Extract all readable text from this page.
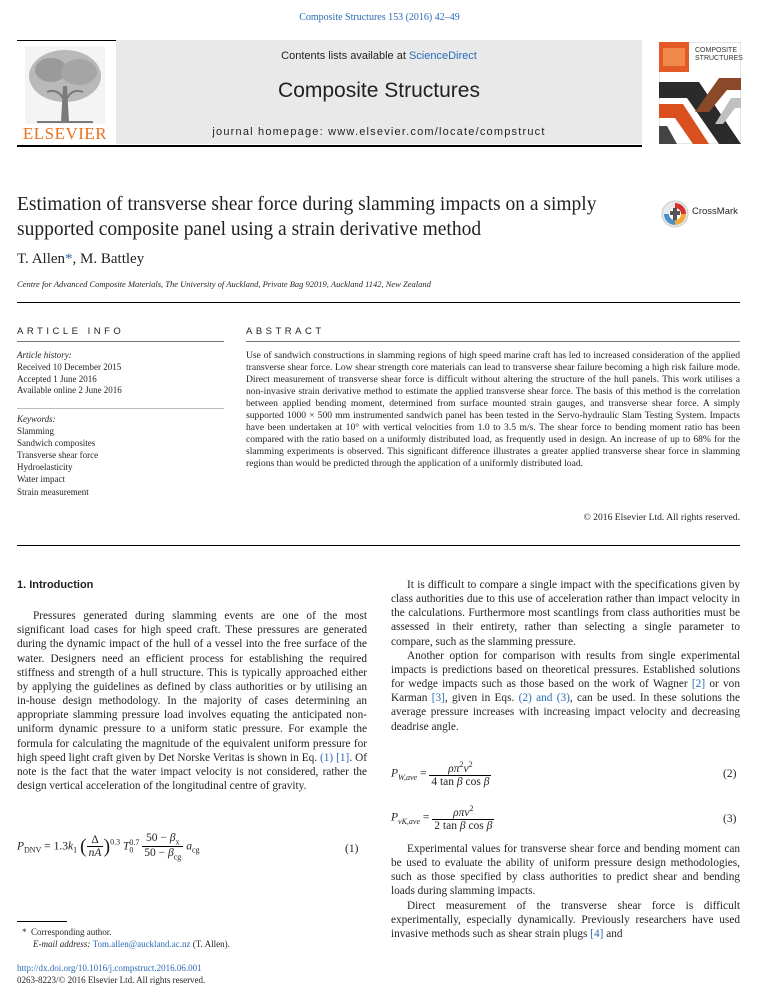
Composite Structures 153 (2016) 42–49
Contents lists available at ScienceDirect
Composite Structures
journal homepage: www.elsevier.com/locate/compstruct
ELSEVIER
COMPOSITE
STRUCTURES
Estimation of transverse shear force during slamming impacts on a simply supported composite panel using a strain derivative method
CrossMark
T. Allen*, M. Battley
Centre for Advanced Composite Materials, The University of Auckland, Private Bag 92019, Auckland 1142, New Zealand
ARTICLE INFO
Article history:
Received 10 December 2015
Accepted 1 June 2016
Available online 2 June 2016
Keywords:
Slamming
Sandwich composites
Transverse shear force
Hydroelasticity
Water impact
Strain measurement
ABSTRACT
Use of sandwich constructions in slamming regions of high speed marine craft has led to increased consideration of the applied transverse shear force. Low shear strength core materials can lead to transverse shear failure becoming a high risk failure mode. Direct measurement of transverse shear force is difficult without altering the structure of the hull panels. This work utilises a non-invasive strain derivative method to estimate the applied transverse shear force. The basis of this method is the correlation between applied bending moment, determined from surface mounted strain gauges, and transverse shear force. A simply supported 1000 × 500 mm instrumented sandwich panel has been tested in the Servo-hydraulic Slam Testing System. Impacts have been undertaken at 10° with vertical velocities from 1.0 to 3.5 m/s. The shear force to bending moment ratio has been compared with the ratio based on a uniformly distributed load, as frequently used in design. An increase of up to 68% for the slamming experiments is observed. This significant difference illustrates a greater applied transverse shear force in slamming regions than would be predicted through the application of a uniformly distributed load.
© 2016 Elsevier Ltd. All rights reserved.

1. Introduction

Pressures generated during slamming events are one of the most significant load cases for high speed craft. These pressures are generated during the dynamic impact of the hull of a vessel into the free surface of the water. Designers need an efficient process for establishing the required stiffness and strength of a hull structure. This is typically approached either by applying the guidelines as defined by class authorities or by utilising an in-house design methodology. In the majority of cases determining an appropriate slamming pressure load involves equating the anticipated non-uniform dynamic pressure to a uniform static pressure. For example the formula for calculating the magnitude of the equivalent uniform pressure for high speed light craft given by Det Norske Veritas is shown in Eq. (1) [1]. Of note is the fact that the water impact velocity is not considered, rather the design vertical acceleration of the longitudinal centre of gravity.

$P_{DNV} = 1.3k_1$ ( $\frac{\Delta}{nA} )^{0.3}$ $T_0^{0.7} \frac{50 - \beta_x}{50 - \beta_{cg}} a_{cg}$	(1)

It is difficult to compare a single impact with the specifications given by class authorities due to this use of acceleration rather than impact velocity in the calculations. Furthermore most scantlings from class authorities must be assessed in their entirety, rather than selecting a single parameter to compare, such as the slamming pressure.

Another option for comparison with results from single experimental impacts is predictions based on theoretical pressures. Established solutions for wedge impacts such as those based on the work of Wagner [2] or von Karman [3], given in Eqs. (2) and (3), can be used. In these solutions the average pressure increases with increasing impact velocity and decreasing deadrise angle.

$P_{W,ave} = \frac{\rho\pi^2v^2}{\text{4 tan β cos β}}$	(2)
$P_{vK,ave} = \frac{\rho\pi v^2}{\text{2 tan β cos β}}$	(3)

Experimental values for transverse shear force and bending moment can be used to evaluate the ability of uniform pressure design methodologies, such as those specified by class authorities to predict shear and bending loads during slamming impacts.

Direct measurement of the transverse shear force is difficult experimentally, especially dynamically. Previously researchers have used invasive methods such as shear strain plugs [4] and

* Corresponding author.
E-mail address: Tom.allen@auckland.ac.nz (T. Allen).
http://dx.doi.org/10.1016/j.compstruct.2016.06.001
0263-8223/© 2016 Elsevier Ltd. All rights reserved.
